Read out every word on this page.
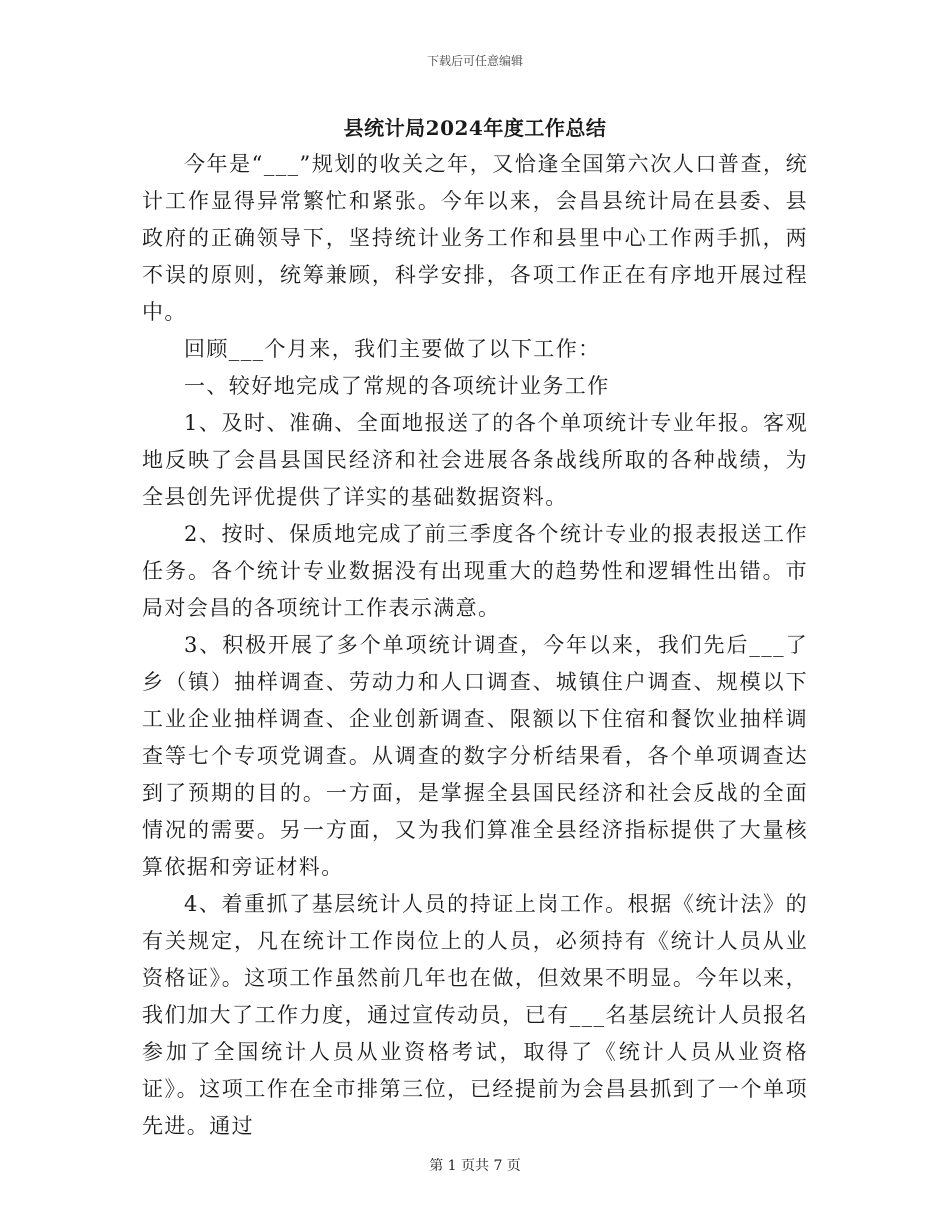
下载后可任意编辑
县统计局2024年度工作总结

今年是“___”规划的收关之年，又恰逢全国第六次人口普查，统计工作显得异常繁忙和紧张。今年以来，会昌县统计局在县委、县政府的正确领导下，坚持统计业务工作和县里中心工作两手抓，两不误的原则，统筹兼顾，科学安排，各项工作正在有序地开展过程中。

回顾___个月来，我们主要做了以下工作：

一、较好地完成了常规的各项统计业务工作

1、及时、准确、全面地报送了的各个单项统计专业年报。客观地反映了会昌县国民经济和社会进展各条战线所取的各种战绩，为全县创先评优提供了详实的基础数据资料。

2、按时、保质地完成了前三季度各个统计专业的报表报送工作任务。各个统计专业数据没有出现重大的趋势性和逻辑性出错。市局对会昌的各项统计工作表示满意。

3、积极开展了多个单项统计调查，今年以来，我们先后___了乡（镇）抽样调查、劳动力和人口调查、城镇住户调查、规模以下工业企业抽样调查、企业创新调查、限额以下住宿和餐饮业抽样调查等七个专项党调查。从调查的数字分析结果看，各个单项调查达到了预期的目的。一方面，是掌握全县国民经济和社会反战的全面情况的需要。另一方面，又为我们算准全县经济指标提供了大量核算依据和旁证材料。

4、着重抓了基层统计人员的持证上岗工作。根据《统计法》的有关规定，凡在统计工作岗位上的人员，必须持有《统计人员从业资格证》。这项工作虽然前几年也在做，但效果不明显。今年以来，我们加大了工作力度，通过宣传动员，已有___名基层统计人员报名参加了全国统计人员从业资格考试，取得了《统计人员从业资格证》。这项工作在全市排第三位，已经提前为会昌县抓到了一个单项先进。通过

第 1 页共 7 页
